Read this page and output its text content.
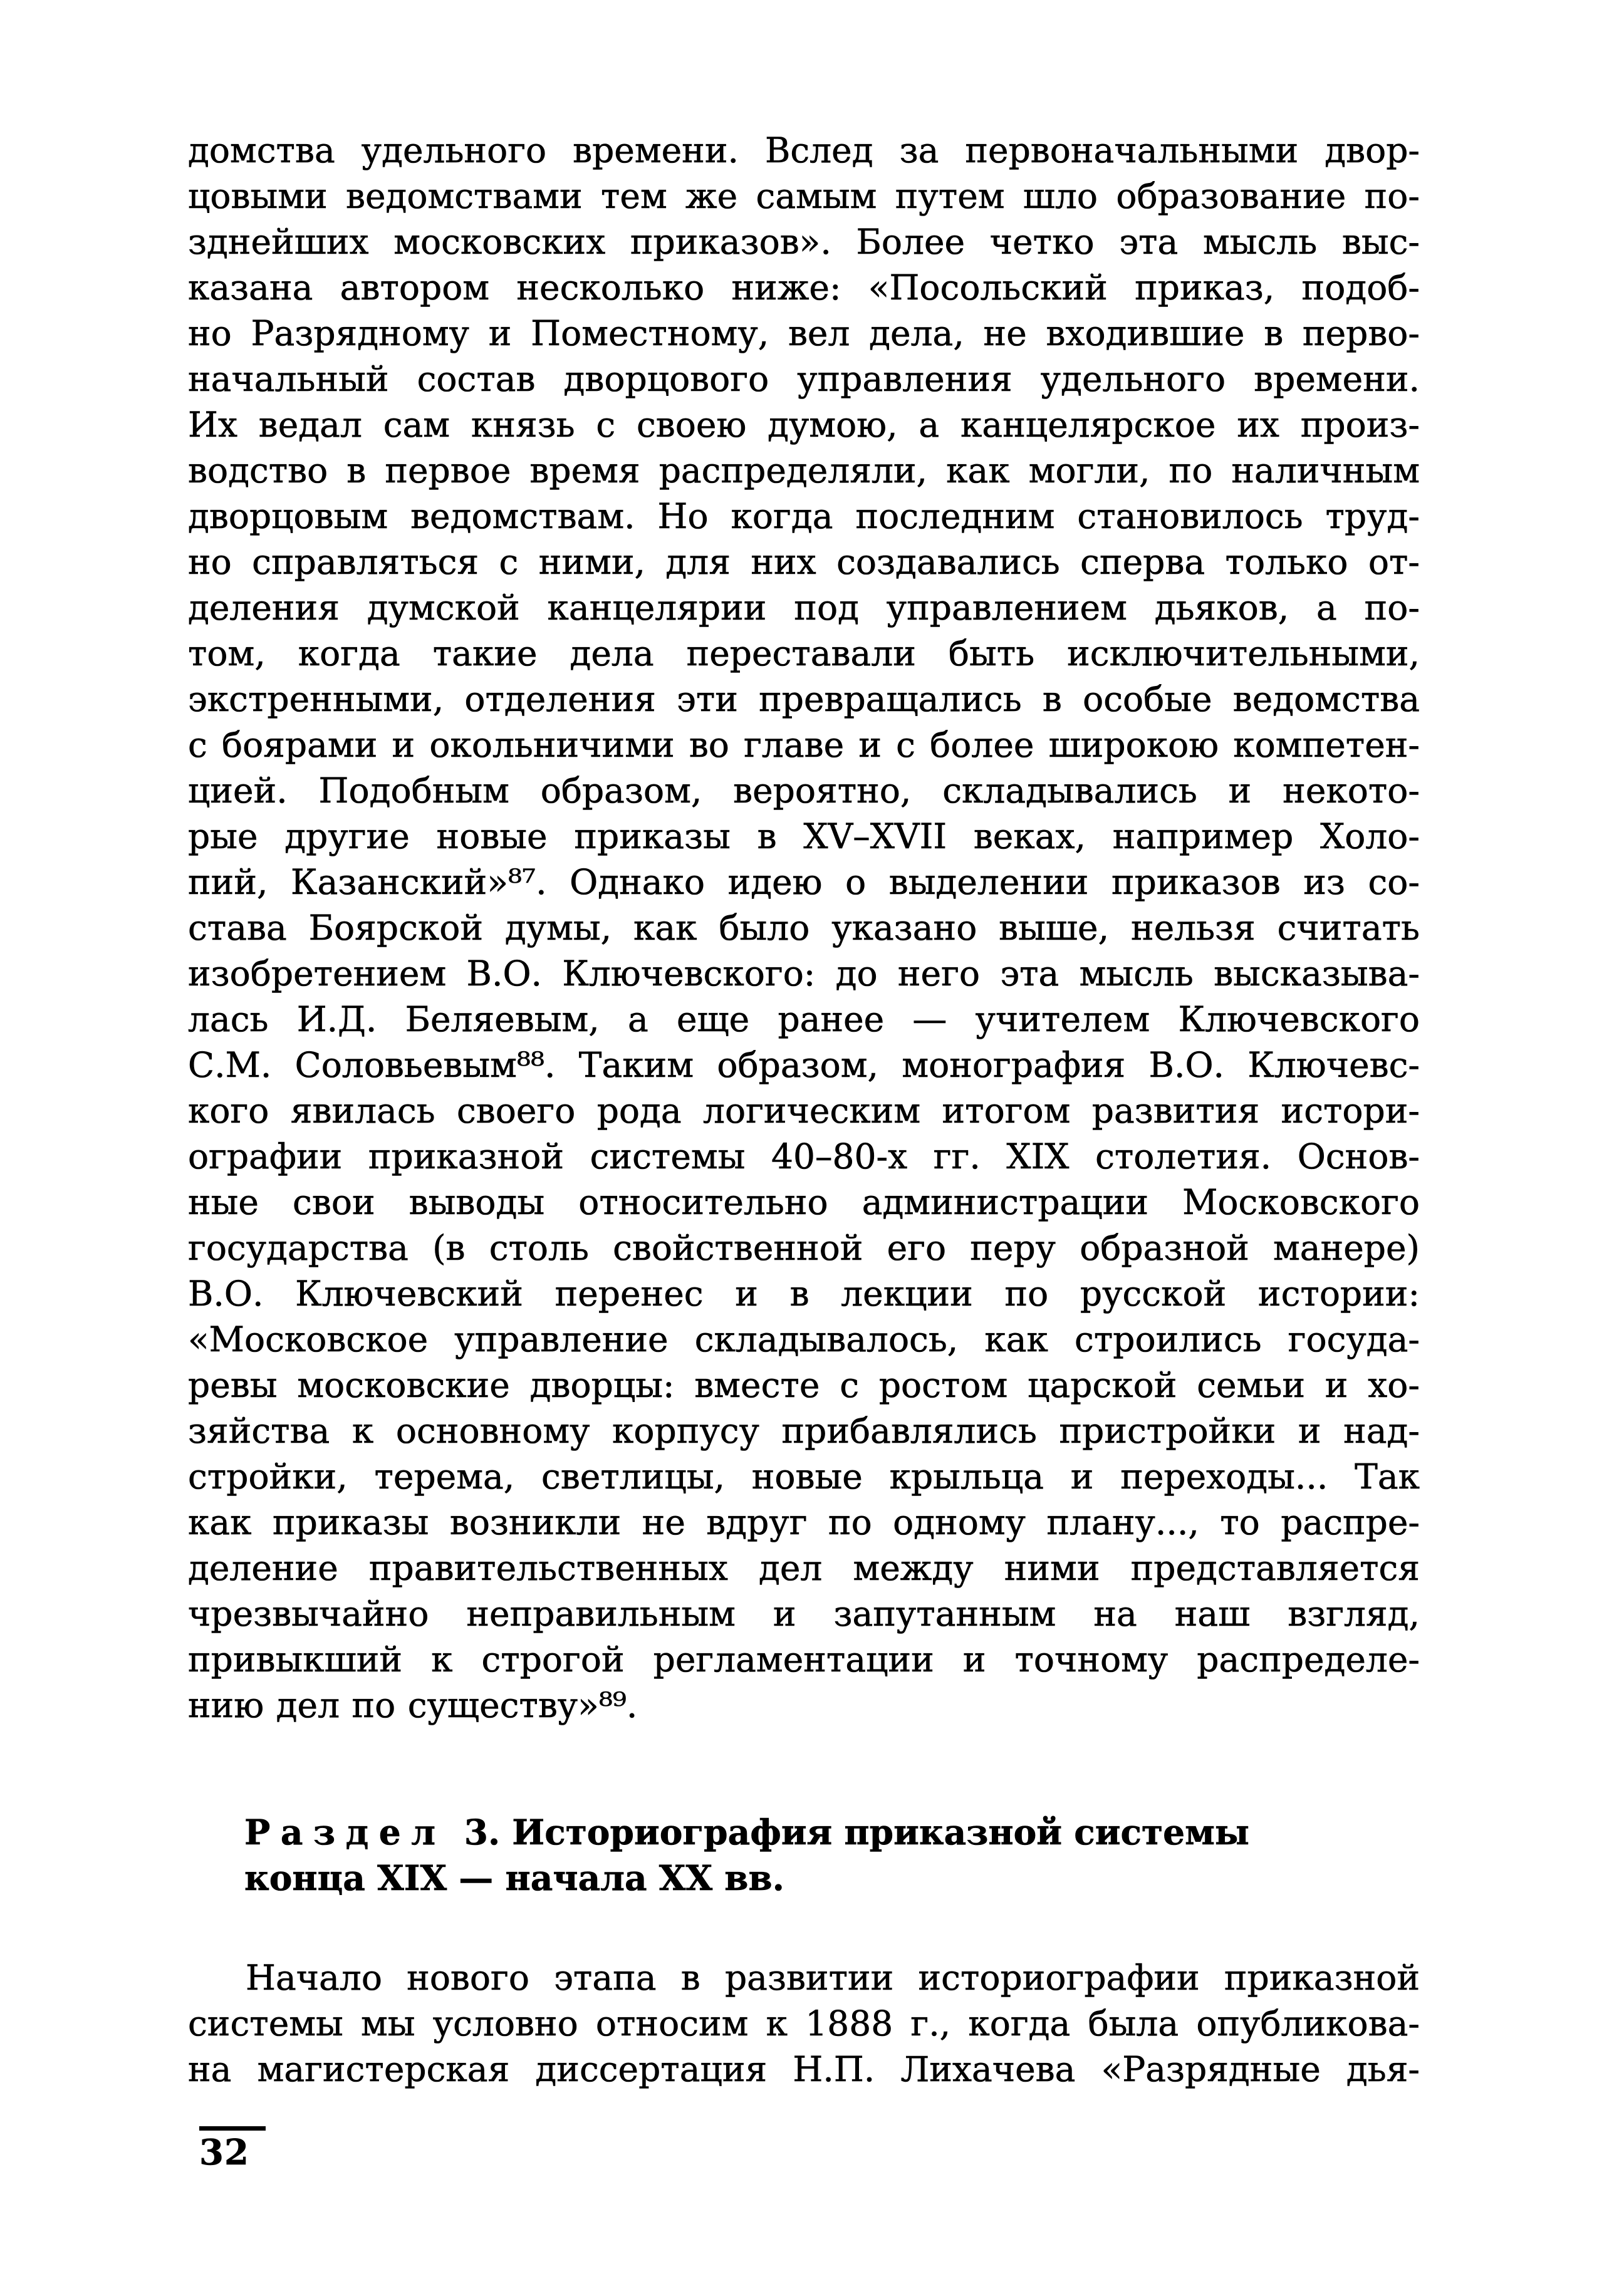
домства удельного времени. Вслед за первоначальными двор-
цовыми ведомствами тем же самым путем шло образование по-
зднейших московских приказов». Более четко эта мысль выс-
казана автором несколько ниже: «Посольский приказ, подоб-
но Разрядному и Поместному, вел дела, не входившие в перво-
начальный состав дворцового управления удельного времени.
Их ведал сам князь с своею думою, а канцелярское их произ-
водство в первое время распределяли, как могли, по наличным
дворцовым ведомствам. Но когда последним становилось труд-
но справляться с ними, для них создавались сперва только от-
деления думской канцелярии под управлением дьяков, а по-
том, когда такие дела переставали быть исключительными,
экстренными, отделения эти превращались в особые ведомства
с боярами и окольничими во главе и с более широкою компетен-
цией. Подобным образом, вероятно, складывались и некото-
рые другие новые приказы в XV–XVII веках, например Холо-
пий, Казанский»⁸⁷. Однако идею о выделении приказов из со-
става Боярской думы, как было указано выше, нельзя считать
изобретением В.О. Ключевского: до него эта мысль высказыва-
лась И.Д. Беляевым, а еще ранее — учителем Ключевского
С.М. Соловьевым⁸⁸. Таким образом, монография В.О. Ключевс-
кого явилась своего рода логическим итогом развития истори-
ографии приказной системы 40–80-х гг. XIX столетия. Основ-
ные свои выводы относительно администрации Московского
государства (в столь свойственной его перу образной манере)
В.О. Ключевский перенес и в лекции по русской истории:
«Московское управление складывалось, как строились госуда-
ревы московские дворцы: вместе с ростом царской семьи и хо-
зяйства к основному корпусу прибавлялись пристройки и над-
стройки, терема, светлицы, новые крыльца и переходы... Так
как приказы возникли не вдруг по одному плану..., то распре-
деление правительственных дел между ними представляется
чрезвычайно неправильным и запутанным на наш взгляд,
привыкший к строгой регламентации и точному распределе-
нию дел по существу»⁸⁹.
Раздел 3. Историография приказной системы
конца XIX — начала XX вв.
Начало нового этапа в развитии историографии приказной
системы мы условно относим к 1888 г., когда была опубликова-
на магистерская диссертация Н.П. Лихачева «Разрядные дья-
32
